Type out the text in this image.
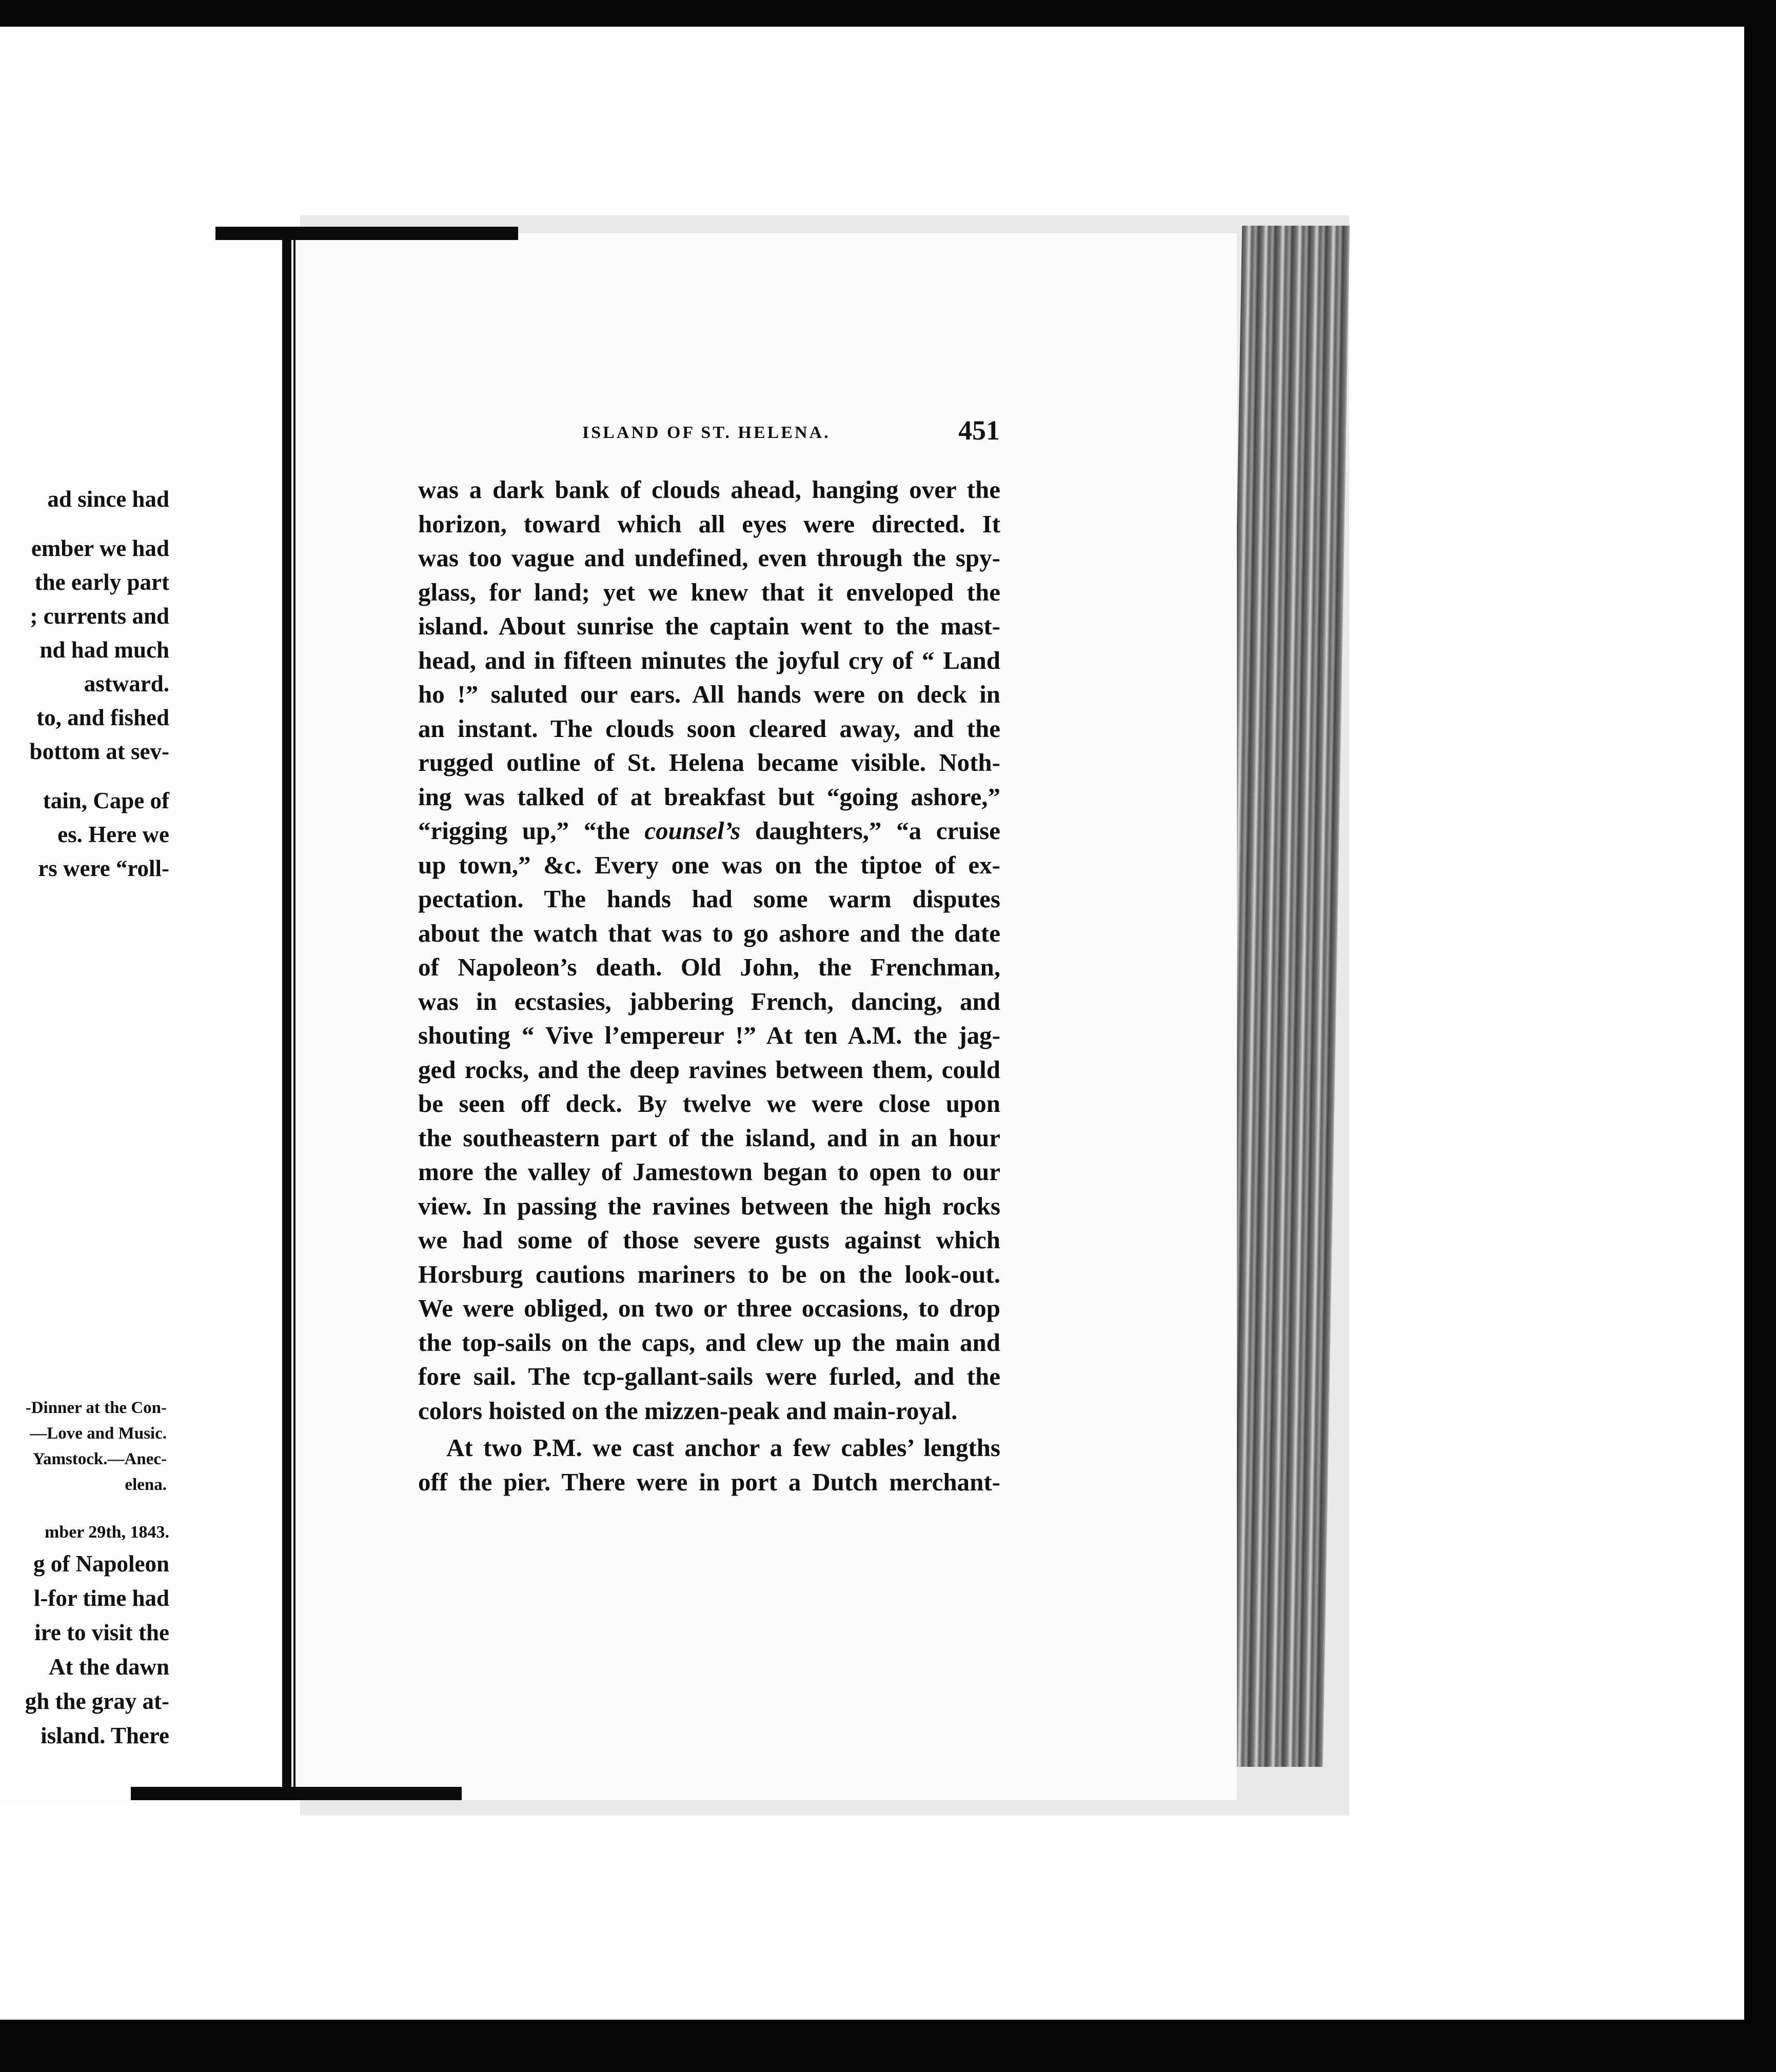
ad since had
ember we had
the early part
; currents and
nd had much
astward.
to, and fished
bottom at sev-
tain, Cape of
es. Here we
rs were “roll-
-Dinner at the Con-
—Love and Music.
Yamstock.—Anec-
elena.
mber 29th, 1843.
g of Napoleon
l-for time had
ire to visit the
At the dawn
gh the gray at-
island. There
ISLAND OF ST. HELENA.	451
was a dark bank of clouds ahead, hanging over the
horizon, toward which all eyes were directed. It
was too vague and undefined, even through the spy-
glass, for land; yet we knew that it enveloped the
island. About sunrise the captain went to the mast-
head, and in fifteen minutes the joyful cry of “ Land
ho !” saluted our ears. All hands were on deck in
an instant. The clouds soon cleared away, and the
rugged outline of St. Helena became visible. Noth-
ing was talked of at breakfast but “going ashore,”
“rigging up,” “the counsel’s daughters,” “a cruise
up town,” &c. Every one was on the tiptoe of ex-
pectation. The hands had some warm disputes
about the watch that was to go ashore and the date
of Napoleon’s death. Old John, the Frenchman,
was in ecstasies, jabbering French, dancing, and
shouting “ Vive l’empereur !” At ten A.M. the jag-
ged rocks, and the deep ravines between them, could
be seen off deck. By twelve we were close upon
the southeastern part of the island, and in an hour
more the valley of Jamestown began to open to our
view. In passing the ravines between the high rocks
we had some of those severe gusts against which
Horsburg cautions mariners to be on the look-out.
We were obliged, on two or three occasions, to drop
the top-sails on the caps, and clew up the main and
fore sail. The tcp-gallant-sails were furled, and the
colors hoisted on the mizzen-peak and main-royal.
At two P.M. we cast anchor a few cables’ lengths
off the pier. There were in port a Dutch merchant-
